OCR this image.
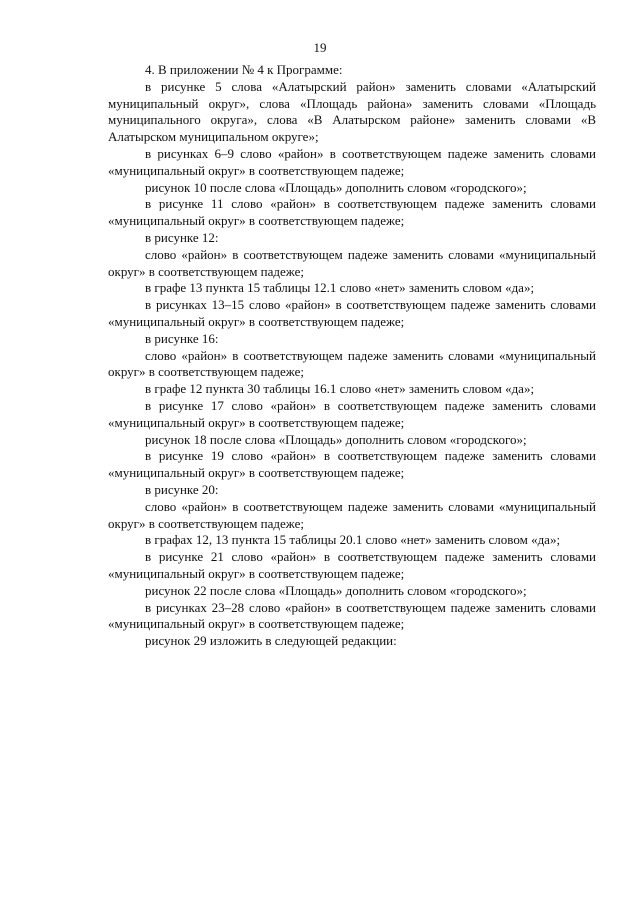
19

4. В приложении № 4 к Программе:

в рисунке 5 слова «Алатырский район» заменить словами «Алатырский муниципальный округ», слова «Площадь района» заменить словами «Площадь муниципального округа», слова «В Алатырском районе» заменить словами «В Алатырском муниципальном округе»;

в рисунках 6–9 слово «район» в соответствующем падеже заменить словами «муниципальный округ» в соответствующем падеже;

рисунок 10 после слова «Площадь» дополнить словом «городского»;

в рисунке 11 слово «район» в соответствующем падеже заменить словами «муниципальный округ» в соответствующем падеже;

в рисунке 12:

слово «район» в соответствующем падеже заменить словами «муниципальный округ» в соответствующем падеже;

в графе 13 пункта 15 таблицы 12.1 слово «нет» заменить словом «да»;

в рисунках 13–15 слово «район» в соответствующем падеже заменить словами «муниципальный округ» в соответствующем падеже;

в рисунке 16:

слово «район» в соответствующем падеже заменить словами «муниципальный округ» в соответствующем падеже;

в графе 12 пункта 30 таблицы 16.1 слово «нет» заменить словом «да»;

в рисунке 17 слово «район» в соответствующем падеже заменить словами «муниципальный округ» в соответствующем падеже;

рисунок 18 после слова «Площадь» дополнить словом «городского»;

в рисунке 19 слово «район» в соответствующем падеже заменить словами «муниципальный округ» в соответствующем падеже;

в рисунке 20:

слово «район» в соответствующем падеже заменить словами «муниципальный округ» в соответствующем падеже;

в графах 12, 13 пункта 15 таблицы 20.1 слово «нет» заменить словом «да»;

в рисунке 21 слово «район» в соответствующем падеже заменить словами «муниципальный округ» в соответствующем падеже;

рисунок 22 после слова «Площадь» дополнить словом «городского»;

в рисунках 23–28 слово «район» в соответствующем падеже заменить словами «муниципальный округ» в соответствующем падеже;

рисунок 29 изложить в следующей редакции:
